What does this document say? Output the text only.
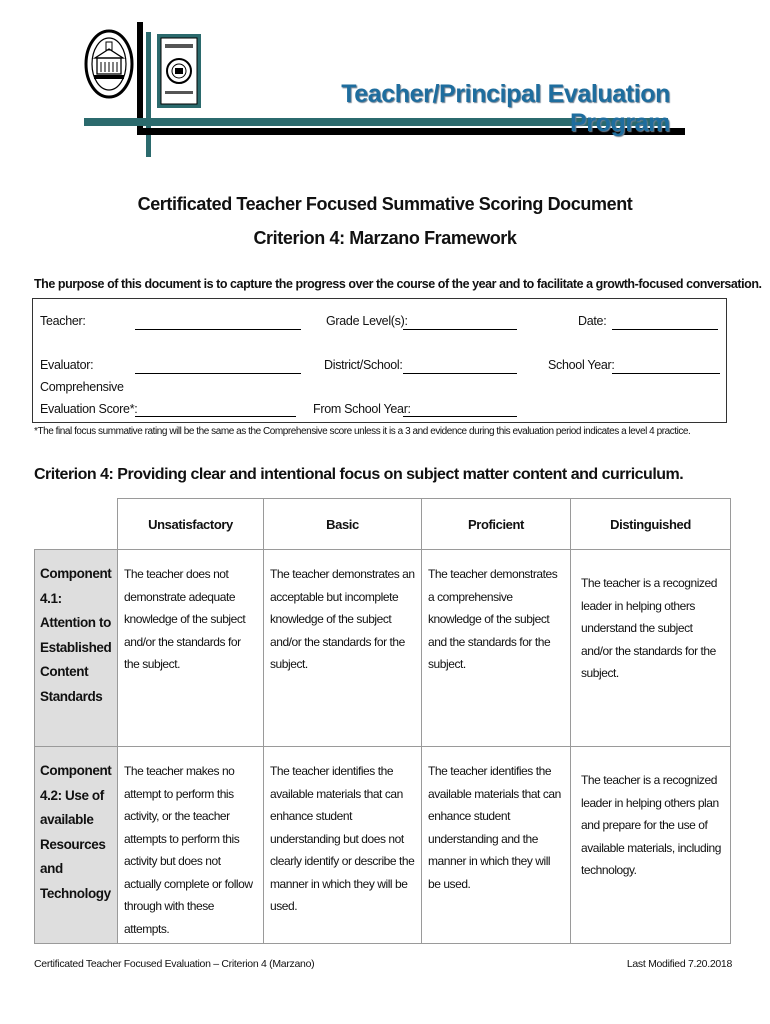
Teacher/Principal Evaluation Program
Certificated Teacher Focused Summative Scoring Document
Criterion 4: Marzano Framework
The purpose of this document is to capture the progress over the course of the year and to facilitate a growth-focused conversation.
Teacher:	Grade Level(s):	Date:
Evaluator:	District/School:	School Year:
Comprehensive
Evaluation Score*:	From School Year:
*The final focus summative rating will be the same as the Comprehensive score unless it is a 3 and evidence during this evaluation period indicates a level 4 practice.
Criterion 4: Providing clear and intentional focus on subject matter content and curriculum.
	Unsatisfactory	Basic	Proficient	Distinguished
Component 4.1: Attention to Established Content Standards	The teacher does not demonstrate adequate knowledge of the subject and/or the standards for the subject.	The teacher demonstrates an acceptable but incomplete knowledge of the subject and/or the standards for the subject.	The teacher demonstrates a comprehensive knowledge of the subject and the standards for the subject.	The teacher is a recognized leader in helping others understand the subject and/or the standards for the subject.
Component 4.2: Use of available Resources and Technology	The teacher makes no attempt to perform this activity, or the teacher attempts to perform this activity but does not actually complete or follow through with these attempts.	The teacher identifies the available materials that can enhance student understanding but does not clearly identify or describe the manner in which they will be used.	The teacher identifies the available materials that can enhance student understanding and the manner in which they will be used.	The teacher is a recognized leader in helping others plan and prepare for the use of available materials, including technology.
Certificated Teacher Focused Evaluation – Criterion 4 (Marzano)	Last Modified 7.20.2018
